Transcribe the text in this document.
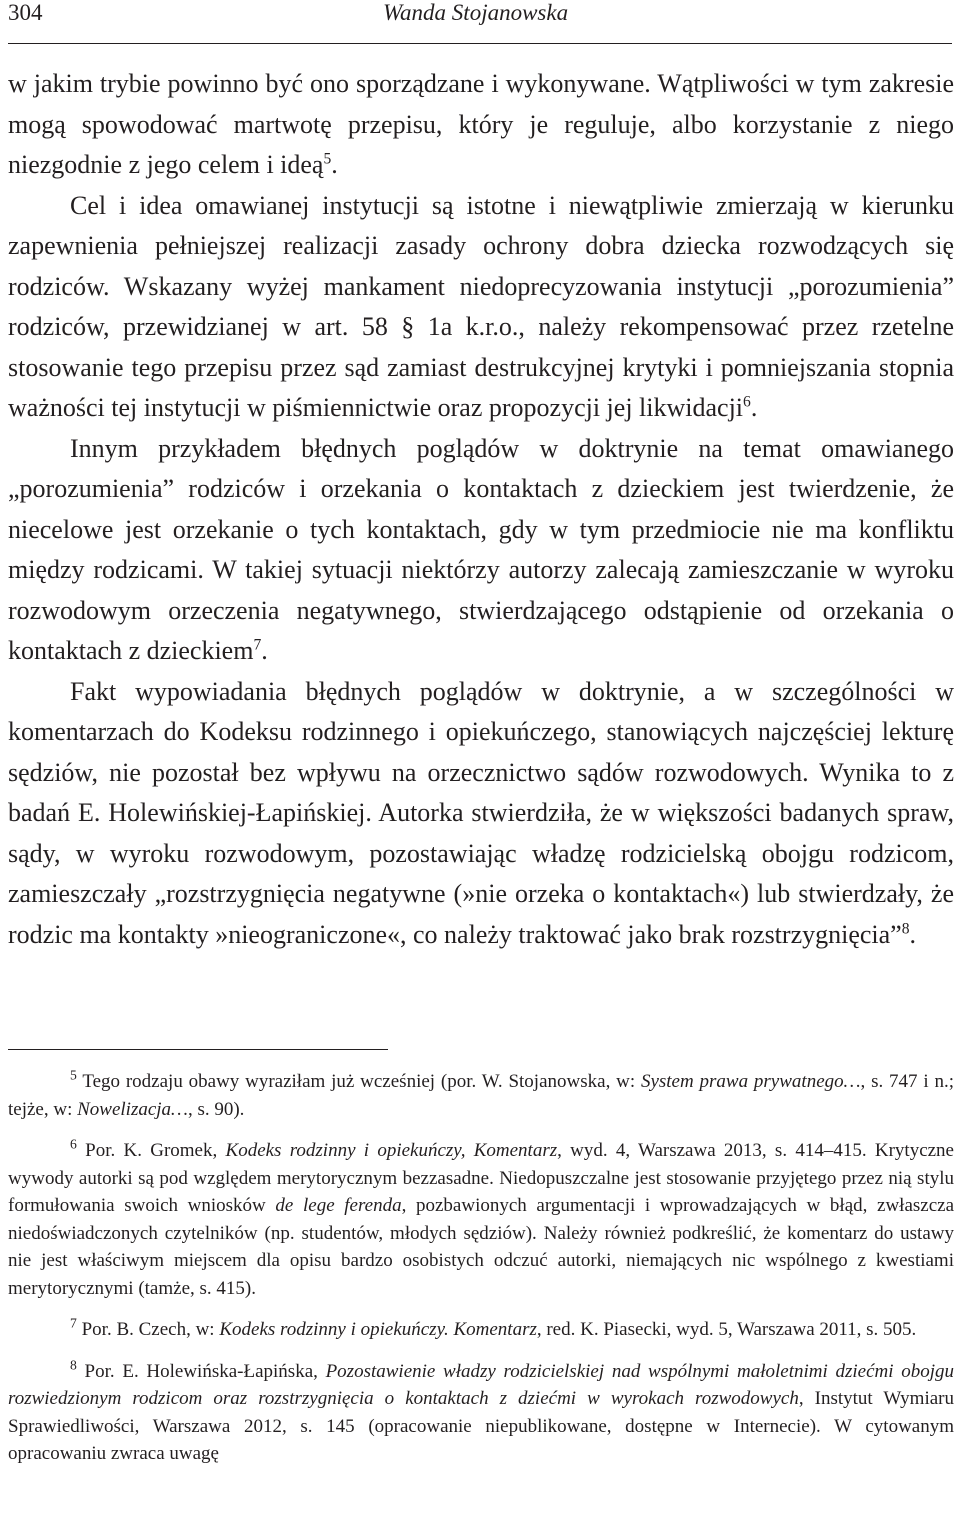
304	Wanda Stojanowska

w jakim trybie powinno być ono sporządzane i wykonywane. Wątpliwości w tym zakresie mogą spowodować martwotę przepisu, który je reguluje, albo korzystanie z niego niezgodnie z jego celem i ideą$^5$.

Cel i idea omawianej instytucji są istotne i niewątpliwie zmierzają w kierunku zapewnienia pełniejszej realizacji zasady ochrony dobra dziecka rozwodzących się rodziców. Wskazany wyżej mankament niedoprecyzowania instytucji „porozumienia” rodziców, przewidzianej w art. 58 § 1a k.r.o., należy rekompensować przez rzetelne stosowanie tego przepisu przez sąd zamiast destrukcyjnej krytyki i pomniejszania stopnia ważności tej instytucji w piśmiennictwie oraz propozycji jej likwidacji$^6$.

Innym przykładem błędnych poglądów w doktrynie na temat omawianego „porozumienia” rodziców i orzekania o kontaktach z dzieckiem jest twierdzenie, że niecelowe jest orzekanie o tych kontaktach, gdy w tym przedmiocie nie ma konfliktu między rodzicami. W takiej sytuacji niektórzy autorzy zalecają zamieszczanie w wyroku rozwodowym orzeczenia negatywnego, stwierdzającego odstąpienie od orzekania o kontaktach z dzieckiem$^7$.

Fakt wypowiadania błędnych poglądów w doktrynie, a w szczególności w komentarzach do Kodeksu rodzinnego i opiekuńczego, stanowiących najczęściej lekturę sędziów, nie pozostał bez wpływu na orzecznictwo sądów rozwodowych. Wynika to z badań E. Holewińskiej-Łapińskiej. Autorka stwierdziła, że w większości badanych spraw, sądy, w wyroku rozwodowym, pozostawiając władzę rodzicielską obojgu rodzicom, zamieszczały „rozstrzygnięcia negatywne (»nie orzeka o kontaktach«) lub stwierdzały, że rodzic ma kontakty »nieograniczone«, co należy traktować jako brak rozstrzygnięcia”$^8$.

$^5$ Tego rodzaju obawy wyraziłam już wcześniej (por. W. Stojanowska, w: System prawa prywatnego…, s. 747 i n.; tejże, w: Nowelizacja…, s. 90).

$^6$ Por. K. Gromek, Kodeks rodzinny i opiekuńczy, Komentarz, wyd. 4, Warszawa 2013, s. 414–415. Krytyczne wywody autorki są pod względem merytorycznym bezzasadne. Niedopuszczalne jest stosowanie przyjętego przez nią stylu formułowania swoich wniosków de lege ferenda, pozbawionych argumentacji i wprowadzających w błąd, zwłaszcza niedoświadczonych czytelników (np. studentów, młodych sędziów). Należy również podkreślić, że komentarz do ustawy nie jest właściwym miejscem dla opisu bardzo osobistych odczuć autorki, niemających nic wspólnego z kwestiami merytorycznymi (tamże, s. 415).

$^7$ Por. B. Czech, w: Kodeks rodzinny i opiekuńczy. Komentarz, red. K. Piasecki, wyd. 5, Warszawa 2011, s. 505.

$^8$ Por. E. Holewińska-Łapińska, Pozostawienie władzy rodzicielskiej nad wspólnymi małoletnimi dziećmi obojgu rozwiedzionym rodzicom oraz rozstrzygnięcia o kontaktach z dziećmi w wyrokach rozwodowych, Instytut Wymiaru Sprawiedliwości, Warszawa 2012, s. 145 (opracowanie niepublikowane, dostępne w Internecie). W cytowanym opracowaniu zwraca uwagę
